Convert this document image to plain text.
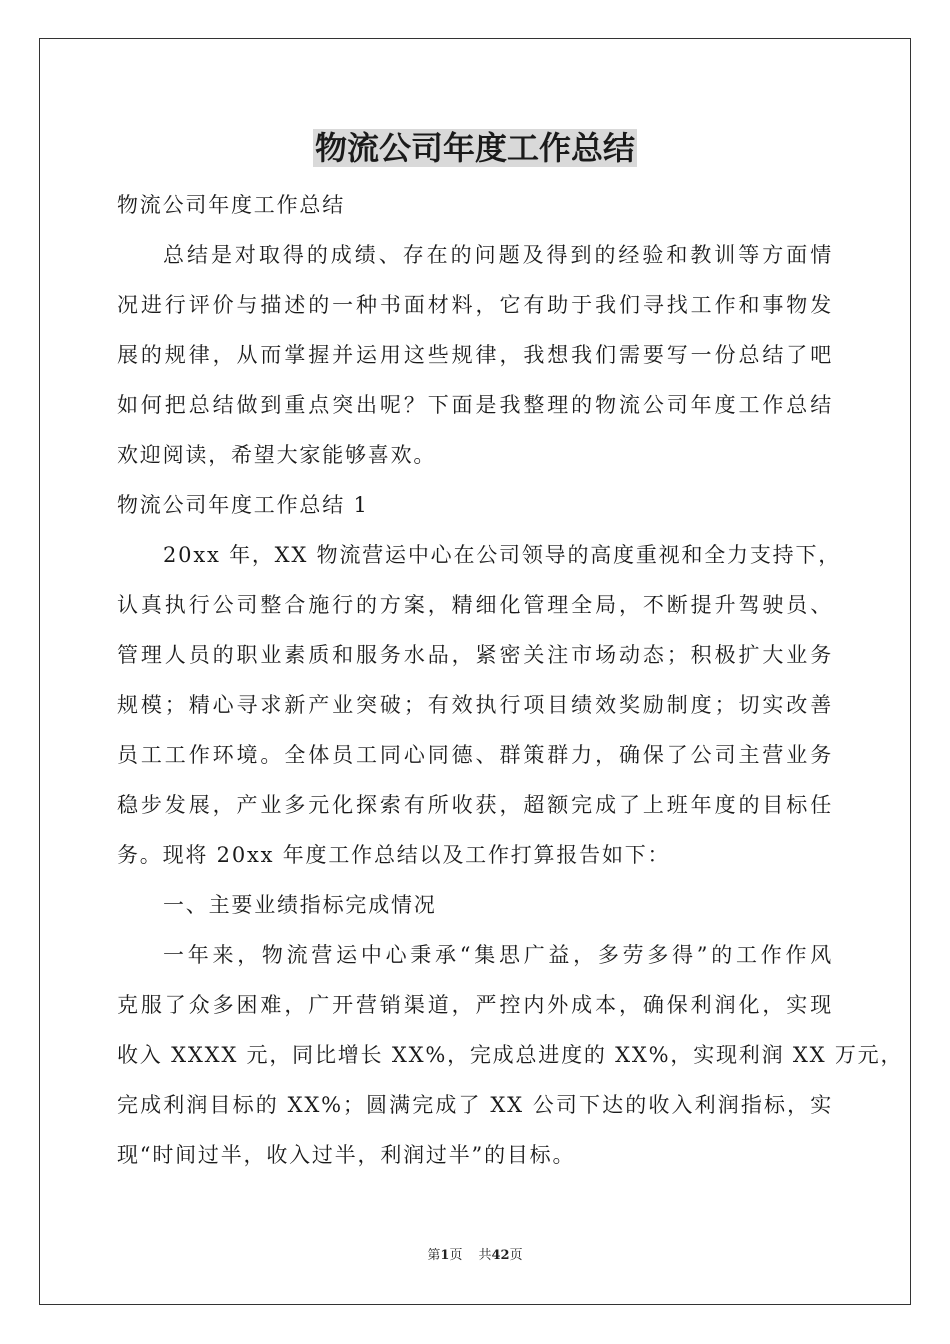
物流公司年度工作总结
物流公司年度工作总结
总结是对取得的成绩、存在的问题及得到的经验和教训等方面情
况进行评价与描述的一种书面材料，它有助于我们寻找工作和事物发
展的规律，从而掌握并运用这些规律，我想我们需要写一份总结了吧
如何把总结做到重点突出呢？下面是我整理的物流公司年度工作总结
欢迎阅读，希望大家能够喜欢。
物流公司年度工作总结 1
20xx 年，XX 物流营运中心在公司领导的高度重视和全力支持下，
认真执行公司整合施行的方案，精细化管理全局，不断提升驾驶员、
管理人员的职业素质和服务水品，紧密关注市场动态；积极扩大业务
规模；精心寻求新产业突破；有效执行项目绩效奖励制度；切实改善
员工工作环境。全体员工同心同德、群策群力，确保了公司主营业务
稳步发展，产业多元化探索有所收获，超额完成了上班年度的目标任
务。现将 20xx 年度工作总结以及工作打算报告如下：
一、主要业绩指标完成情况
一年来，物流营运中心秉承“集思广益，多劳多得”的工作作风
克服了众多困难，广开营销渠道，严控内外成本，确保利润化，实现
收入 XXXX 元，同比增长 XX%，完成总进度的 XX%，实现利润 XX 万元，
完成利润目标的 XX%；圆满完成了 XX 公司下达的收入利润指标，实
现“时间过半，收入过半，利润过半”的目标。
第1页 共42页
